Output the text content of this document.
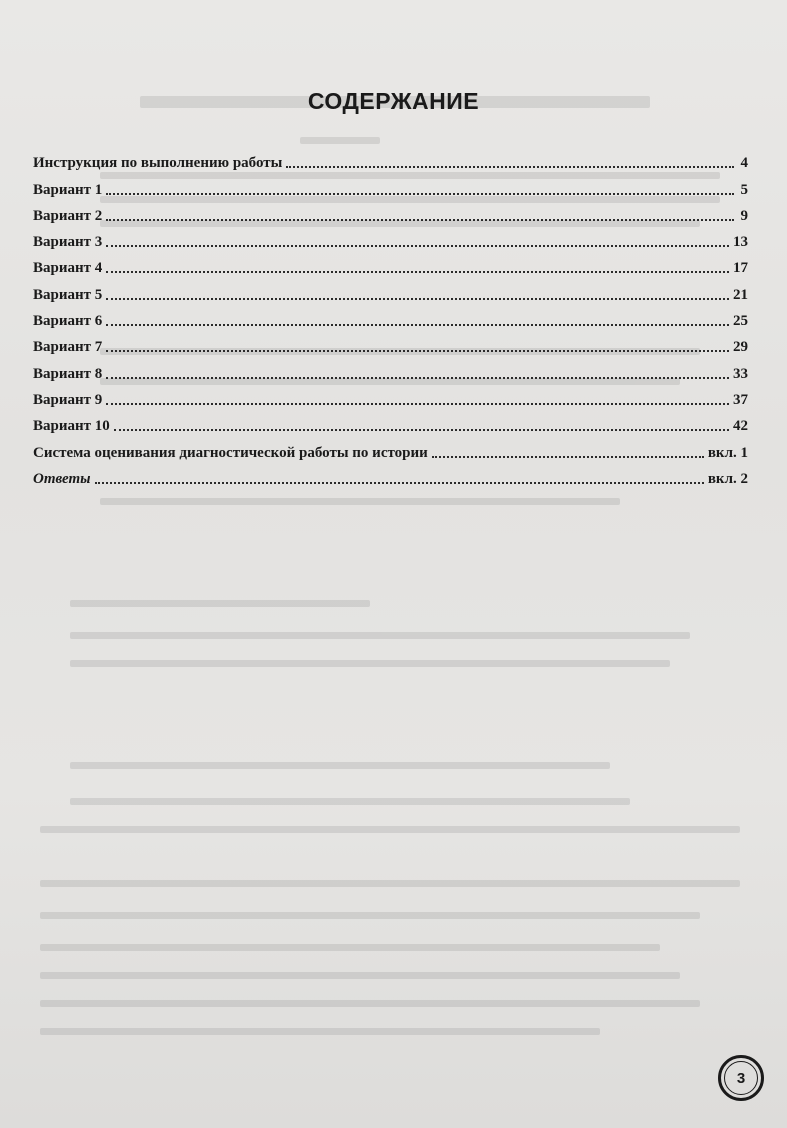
СОДЕРЖАНИЕ
Инструкция по выполнению работы	4
Вариант 1	5
Вариант 2	9
Вариант 3	13
Вариант 4	17
Вариант 5	21
Вариант 6	25
Вариант 7	29
Вариант 8	33
Вариант 9	37
Вариант 10	42
Система оценивания диагностической работы по истории	вкл. 1
Ответы	вкл. 2
3
